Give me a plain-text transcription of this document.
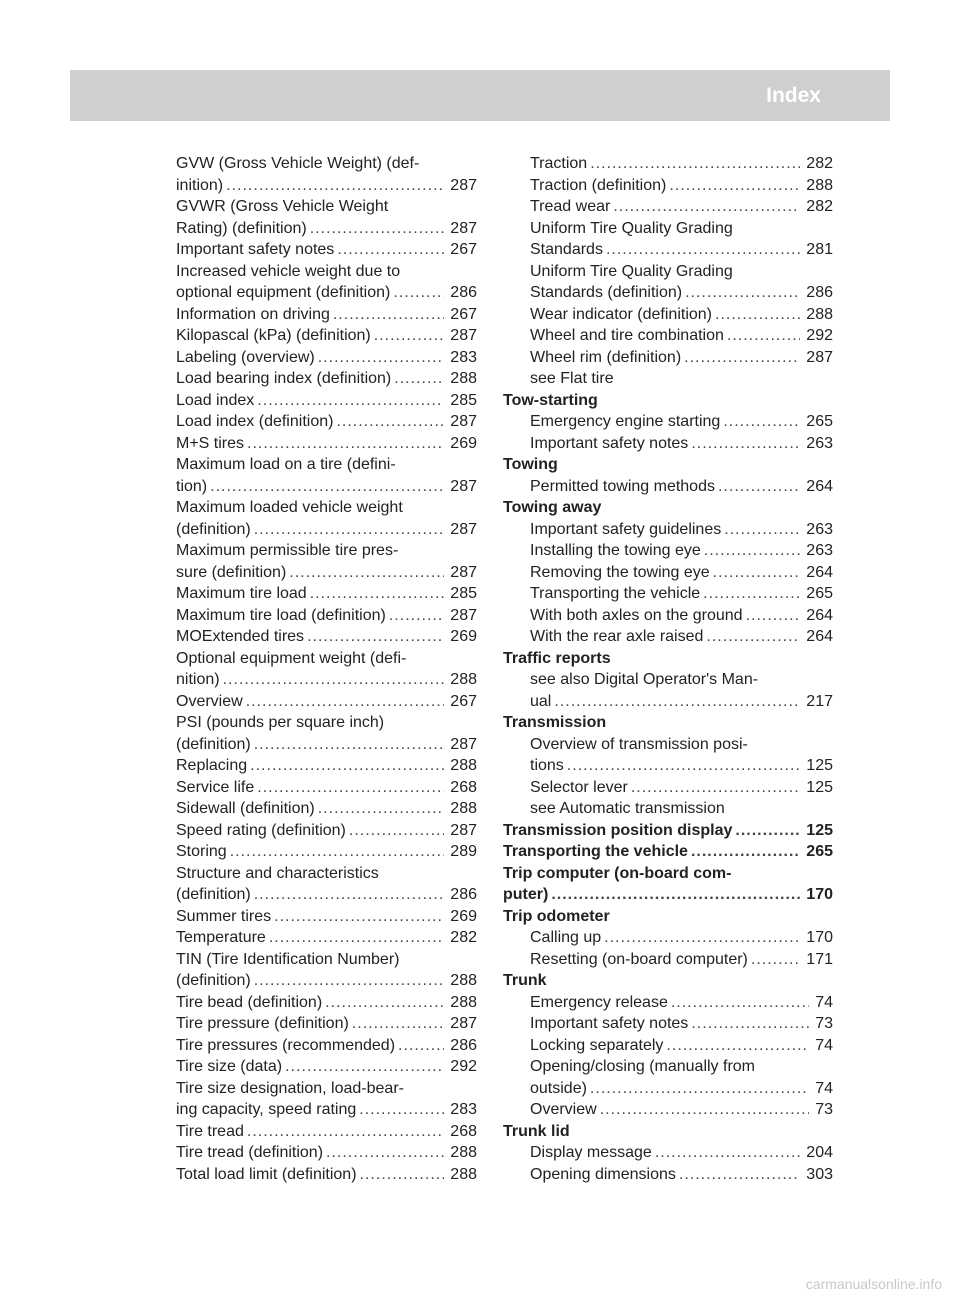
Index	19
GVW (Gross Vehicle Weight) (def-
inition) .....	287
GVWR (Gross Vehicle Weight
Rating) (definition) .....	287
Important safety notes .....	267
Increased vehicle weight due to
optional equipment (definition) .....	286
Information on driving .....	267
Kilopascal (kPa) (definition) .....	287
Labeling (overview) .....	283
Load bearing index (definition) .....	288
Load index .....	285
Load index (definition) .....	287
M+S tires .....	269
Maximum load on a tire (defini-
tion) .....	287
Maximum loaded vehicle weight
(definition) .....	287
Maximum permissible tire pres-
sure (definition) .....	287
Maximum tire load .....	285
Maximum tire load (definition) .....	287
MOExtended tires .....	269
Optional equipment weight (defi-
nition) .....	288
Overview .....	267
PSI (pounds per square inch)
(definition) .....	287
Replacing .....	288
Service life .....	268
Sidewall (definition) .....	288
Speed rating (definition) .....	287
Storing .....	289
Structure and characteristics
(definition) .....	286
Summer tires .....	269
Temperature .....	282
TIN (Tire Identification Number)
(definition) .....	288
Tire bead (definition) .....	288
Tire pressure (definition) .....	287
Tire pressures (recommended) .....	286
Tire size (data) .....	292
Tire size designation, load-bear-
ing capacity, speed rating .....	283
Tire tread .....	268
Tire tread (definition) .....	288
Total load limit (definition) .....	288
Traction .....	282
Traction (definition) .....	288
Tread wear .....	282
Uniform Tire Quality Grading
Standards .....	281
Uniform Tire Quality Grading
Standards (definition) .....	286
Wear indicator (definition) .....	288
Wheel and tire combination .....	292
Wheel rim (definition) .....	287
see Flat tire
Tow-starting
Emergency engine starting .....	265
Important safety notes .....	263
Towing
Permitted towing methods .....	264
Towing away
Important safety guidelines .....	263
Installing the towing eye .....	263
Removing the towing eye .....	264
Transporting the vehicle .....	265
With both axles on the ground .....	264
With the rear axle raised .....	264
Traffic reports
see also Digital Operator's Man-
ual .....	217
Transmission
Overview of transmission posi-
tions .....	125
Selector lever .....	125
see Automatic transmission
Transmission position display .....	125
Transporting the vehicle .....	265
Trip computer (on-board com-
puter) .....	170
Trip odometer
Calling up .....	170
Resetting (on-board computer) .....	171
Trunk
Emergency release .....	74
Important safety notes .....	73
Locking separately .....	74
Opening/closing (manually from
outside) .....	74
Overview .....	73
Trunk lid
Display message .....	204
Opening dimensions .....	303
carmanualsonline.info
